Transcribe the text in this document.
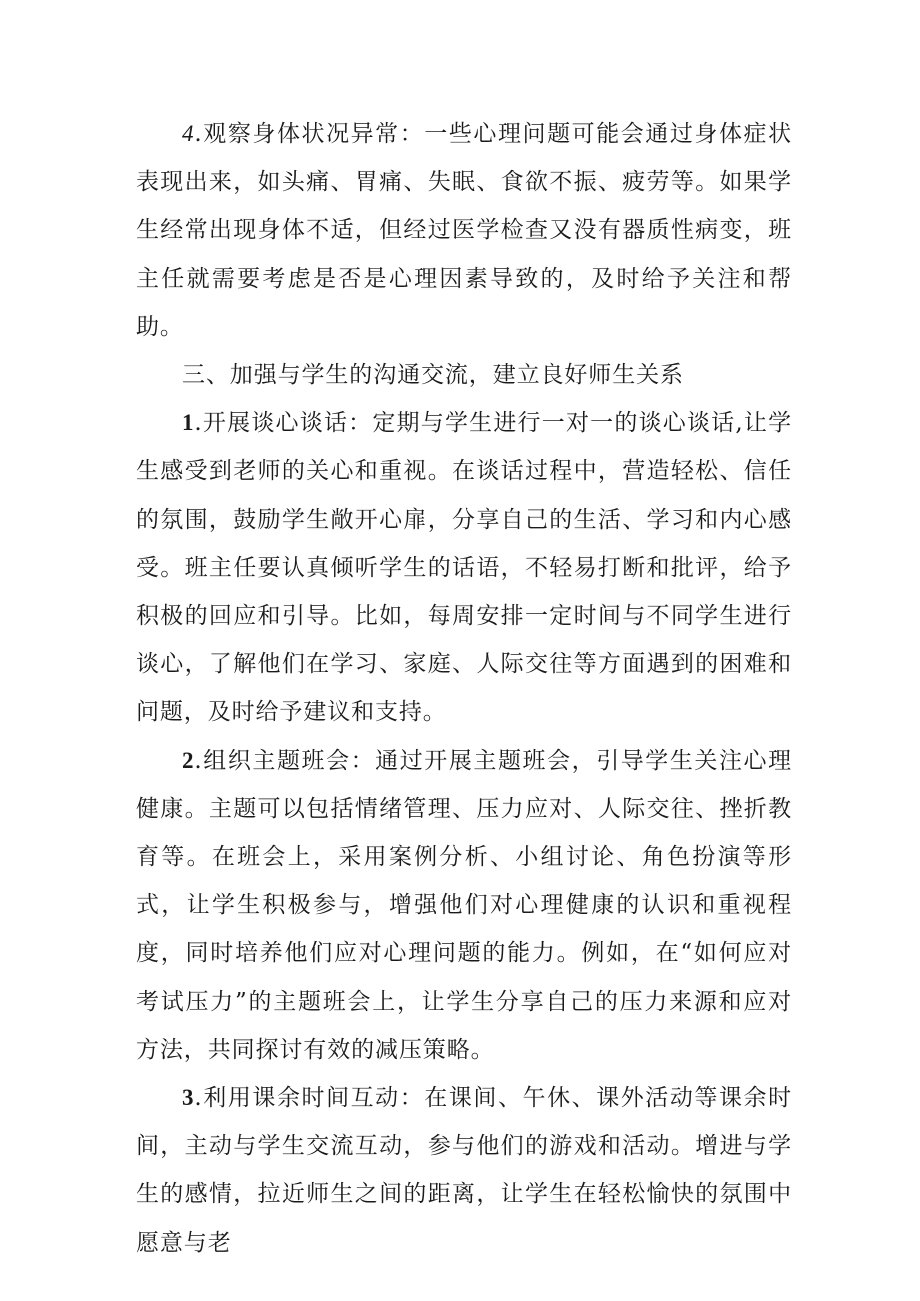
4.观察身体状况异常：一些心理问题可能会通过身体症状表现出来，如头痛、胃痛、失眠、食欲不振、疲劳等。如果学生经常出现身体不适，但经过医学检查又没有器质性病变，班主任就需要考虑是否是心理因素导致的，及时给予关注和帮助。

三、加强与学生的沟通交流，建立良好师生关系

1.开展谈心谈话：定期与学生进行一对一的谈心谈话,让学生感受到老师的关心和重视。在谈话过程中，营造轻松、信任的氛围，鼓励学生敞开心扉，分享自己的生活、学习和内心感受。班主任要认真倾听学生的话语，不轻易打断和批评，给予积极的回应和引导。比如，每周安排一定时间与不同学生进行谈心，了解他们在学习、家庭、人际交往等方面遇到的困难和问题，及时给予建议和支持。

2.组织主题班会：通过开展主题班会，引导学生关注心理健康。主题可以包括情绪管理、压力应对、人际交往、挫折教育等。在班会上，采用案例分析、小组讨论、角色扮演等形式，让学生积极参与，增强他们对心理健康的认识和重视程度，同时培养他们应对心理问题的能力。例如，在“如何应对考试压力”的主题班会上，让学生分享自己的压力来源和应对方法，共同探讨有效的减压策略。

3.利用课余时间互动：在课间、午休、课外活动等课余时间，主动与学生交流互动，参与他们的游戏和活动。增进与学生的感情，拉近师生之间的距离，让学生在轻松愉快的氛围中愿意与老
